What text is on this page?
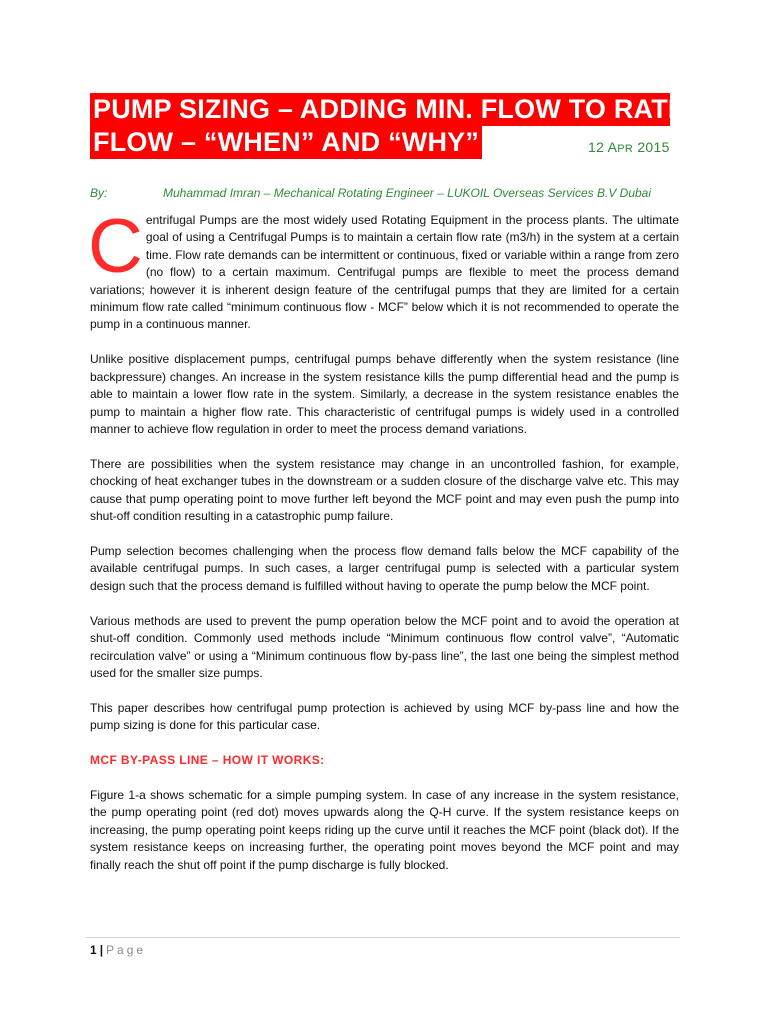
PUMP SIZING – ADDING MIN. FLOW TO RATED
FLOW – “WHEN” AND “WHY”	12 APR 2015
By:	Muhammad Imran – Mechanical Rotating Engineer – LUKOIL Overseas Services B.V Dubai

Centrifugal Pumps are the most widely used Rotating Equipment in the process plants. The ultimate goal of using a Centrifugal Pumps is to maintain a certain flow rate (m3/h) in the system at a certain time. Flow rate demands can be intermittent or continuous, fixed or variable within a range from zero (no flow) to a certain maximum. Centrifugal pumps are flexible to meet the process demand variations; however it is inherent design feature of the centrifugal pumps that they are limited for a certain minimum flow rate called “minimum continuous flow - MCF” below which it is not recommended to operate the pump in a continuous manner.

Unlike positive displacement pumps, centrifugal pumps behave differently when the system resistance (line backpressure) changes. An increase in the system resistance kills the pump differential head and the pump is able to maintain a lower flow rate in the system. Similarly, a decrease in the system resistance enables the pump to maintain a higher flow rate. This characteristic of centrifugal pumps is widely used in a controlled manner to achieve flow regulation in order to meet the process demand variations.

There are possibilities when the system resistance may change in an uncontrolled fashion, for example, chocking of heat exchanger tubes in the downstream or a sudden closure of the discharge valve etc. This may cause that pump operating point to move further left beyond the MCF point and may even push the pump into shut-off condition resulting in a catastrophic pump failure.

Pump selection becomes challenging when the process flow demand falls below the MCF capability of the available centrifugal pumps. In such cases, a larger centrifugal pump is selected with a particular system design such that the process demand is fulfilled without having to operate the pump below the MCF point.

Various methods are used to prevent the pump operation below the MCF point and to avoid the operation at shut-off condition. Commonly used methods include “Minimum continuous flow control valve”, “Automatic recirculation valve” or using a “Minimum continuous flow by-pass line”, the last one being the simplest method used for the smaller size pumps.

This paper describes how centrifugal pump protection is achieved by using MCF by-pass line and how the pump sizing is done for this particular case.

MCF BY-PASS LINE – HOW IT WORKS:

Figure 1-a shows schematic for a simple pumping system. In case of any increase in the system resistance, the pump operating point (red dot) moves upwards along the Q-H curve. If the system resistance keeps on increasing, the pump operating point keeps riding up the curve until it reaches the MCF point (black dot). If the system resistance keeps on increasing further, the operating point moves beyond the MCF point and may finally reach the shut off point if the pump discharge is fully blocked.

1 | Page
